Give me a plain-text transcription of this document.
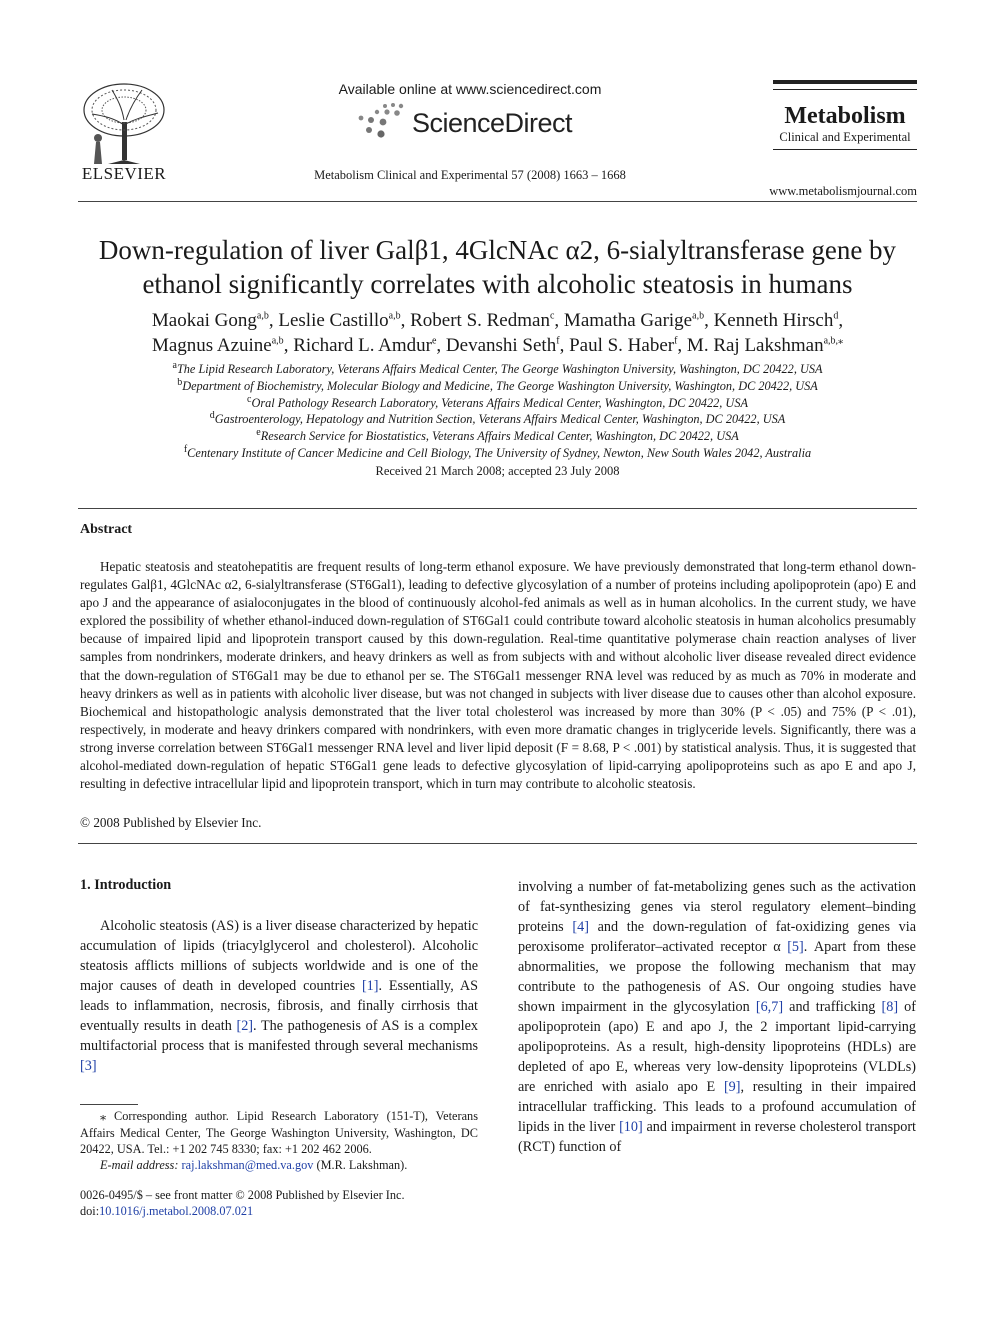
ELSEVIER
Available online at www.sciencedirect.com
ScienceDirect
Metabolism Clinical and Experimental 57 (2008) 1663 – 1668
Metabolism
Clinical and Experimental
www.metabolismjournal.com
Down-regulation of liver Galβ1, 4GlcNAc α2, 6-sialyltransferase gene by
ethanol significantly correlates with alcoholic steatosis in humans
Maokai Gong$^{a,b}$, Leslie Castillo$^{a,b}$, Robert S. Redman$^c$, Mamatha Garige$^{a,b}$, Kenneth Hirsch$^d$,
Magnus Azuine$^{a,b}$, Richard L. Amdur$^e$, Devanshi Seth$^f$, Paul S. Haber$^f$, M. Raj Lakshman$^{a,b,⁎}$
$^a$The Lipid Research Laboratory, Veterans Affairs Medical Center, The George Washington University, Washington, DC 20422, USA
$^b$Department of Biochemistry, Molecular Biology and Medicine, The George Washington University, Washington, DC 20422, USA
$^c$Oral Pathology Research Laboratory, Veterans Affairs Medical Center, Washington, DC 20422, USA
$^d$Gastroenterology, Hepatology and Nutrition Section, Veterans Affairs Medical Center, Washington, DC 20422, USA
$^e$Research Service for Biostatistics, Veterans Affairs Medical Center, Washington, DC 20422, USA
$^f$Centenary Institute of Cancer Medicine and Cell Biology, The University of Sydney, Newton, New South Wales 2042, Australia
Received 21 March 2008; accepted 23 July 2008
Abstract
Hepatic steatosis and steatohepatitis are frequent results of long-term ethanol exposure. We have previously demonstrated that long-term ethanol down-regulates Galβ1, 4GlcNAc α2, 6-sialyltransferase (ST6Gal1), leading to defective glycosylation of a number of proteins including apolipoprotein (apo) E and apo J and the appearance of asialoconjugates in the blood of continuously alcohol-fed animals as well as in human alcoholics. In the current study, we have explored the possibility of whether ethanol-induced down-regulation of ST6Gal1 could contribute toward alcoholic steatosis in human alcoholics presumably because of impaired lipid and lipoprotein transport caused by this down-regulation. Real-time quantitative polymerase chain reaction analyses of liver samples from nondrinkers, moderate drinkers, and heavy drinkers as well as from subjects with and without alcoholic liver disease revealed direct evidence that the down-regulation of ST6Gal1 may be due to ethanol per se. The ST6Gal1 messenger RNA level was reduced by as much as 70% in moderate and heavy drinkers as well as in patients with alcoholic liver disease, but was not changed in subjects with liver disease due to causes other than alcohol exposure. Biochemical and histopathologic analysis demonstrated that the liver total cholesterol was increased by more than 30% (P < .05) and 75% (P < .01), respectively, in moderate and heavy drinkers compared with nondrinkers, with even more dramatic changes in triglyceride levels. Significantly, there was a strong inverse correlation between ST6Gal1 messenger RNA level and liver lipid deposit (F = 8.68, P < .001) by statistical analysis. Thus, it is suggested that alcohol-mediated down-regulation of hepatic ST6Gal1 gene leads to defective glycosylation of lipid-carrying apolipoproteins such as apo E and apo J, resulting in defective intracellular lipid and lipoprotein transport, which in turn may contribute to alcoholic steatosis.
© 2008 Published by Elsevier Inc.
1. Introduction

Alcoholic steatosis (AS) is a liver disease characterized by hepatic accumulation of lipids (triacylglycerol and cholesterol). Alcoholic steatosis afflicts millions of subjects worldwide and is one of the major causes of death in developed countries [1]. Essentially, AS leads to inflammation, necrosis, fibrosis, and finally cirrhosis that eventually results in death [2]. The pathogenesis of AS is a complex multifactorial process that is manifested through several mechanisms [3]

⁎ Corresponding author. Lipid Research Laboratory (151-T), Veterans Affairs Medical Center, The George Washington University, Washington, DC 20422, USA. Tel.: +1 202 745 8330; fax: +1 202 462 2006.
E-mail address: raj.lakshman@med.va.gov (M.R. Lakshman).
0026-0495/$ – see front matter © 2008 Published by Elsevier Inc.
doi:10.1016/j.metabol.2008.07.021

involving a number of fat-metabolizing genes such as the activation of fat-synthesizing genes via sterol regulatory element–binding proteins [4] and the down-regulation of fat-oxidizing genes via peroxisome proliferator–activated receptor α [5]. Apart from these abnormalities, we propose the following mechanism that may contribute to the pathogenesis of AS. Our ongoing studies have shown impairment in the glycosylation [6,7] and trafficking [8] of apolipoprotein (apo) E and apo J, the 2 important lipid-carrying apolipoproteins. As a result, high-density lipoproteins (HDLs) are depleted of apo E, whereas very low-density lipoproteins (VLDLs) are enriched with asialo apo E [9], resulting in their impaired intracellular trafficking. This leads to a profound accumulation of lipids in the liver [10] and impairment in reverse cholesterol transport (RCT) function of
